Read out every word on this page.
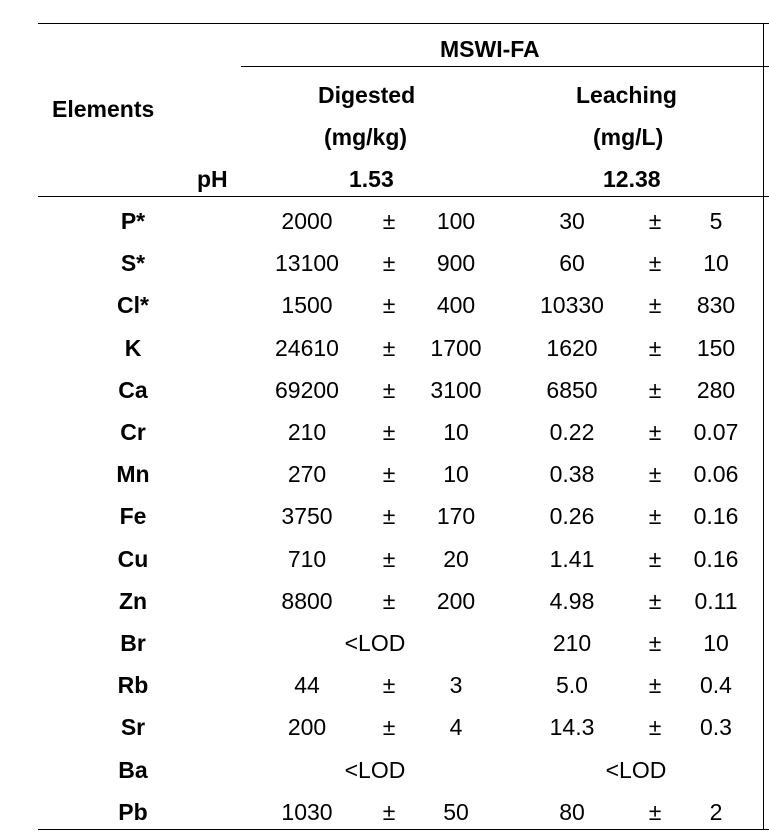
MSWI-FA
Elements
Digested
(mg/kg)
Leaching
(mg/L)
pH	1.53	12.38
P*	2000	±	100	30	±	5
S*	13100	±	900	60	±	10
Cl*	1500	±	400	10330	±	830
K	24610	±	1700	1620	±	150
Ca	69200	±	3100	6850	±	280
Cr	210	±	10	0.22	±	0.07
Mn	270	±	10	0.38	±	0.06
Fe	3750	±	170	0.26	±	0.16
Cu	710	±	20	1.41	±	0.16
Zn	8800	±	200	4.98	±	0.11
Br	<LOD	210	±	10
Rb	44	±	3	5.0	±	0.4
Sr	200	±	4	14.3	±	0.3
Ba	<LOD	<LOD
Pb	1030	±	50	80	±	2
